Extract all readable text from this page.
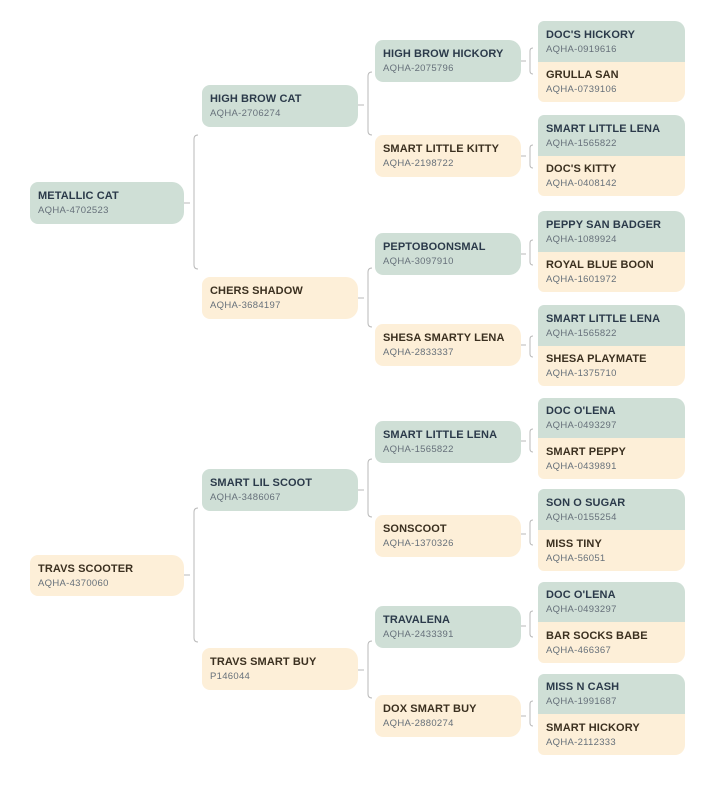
METALLIC CAT
AQHA-4702523
HIGH BROW CAT
AQHA-2706274
CHERS SHADOW
AQHA-3684197
HIGH BROW HICKORY
AQHA-2075796
SMART LITTLE KITTY
AQHA-2198722
PEPTOBOONSMAL
AQHA-3097910
SHESA SMARTY LENA
AQHA-2833337
DOC'S HICKORY
AQHA-0919616
GRULLA SAN
AQHA-0739106
SMART LITTLE LENA
AQHA-1565822
DOC'S KITTY
AQHA-0408142
PEPPY SAN BADGER
AQHA-1089924
ROYAL BLUE BOON
AQHA-1601972
SMART LITTLE LENA
AQHA-1565822
SHESA PLAYMATE
AQHA-1375710
TRAVS SCOOTER
AQHA-4370060
SMART LIL SCOOT
AQHA-3486067
TRAVS SMART BUY
P146044
SMART LITTLE LENA
AQHA-1565822
SONSCOOT
AQHA-1370326
TRAVALENA
AQHA-2433391
DOX SMART BUY
AQHA-2880274
DOC O'LENA
AQHA-0493297
SMART PEPPY
AQHA-0439891
SON O SUGAR
AQHA-0155254
MISS TINY
AQHA-56051
DOC O'LENA
AQHA-0493297
BAR SOCKS BABE
AQHA-466367
MISS N CASH
AQHA-1991687
SMART HICKORY
AQHA-2112333
